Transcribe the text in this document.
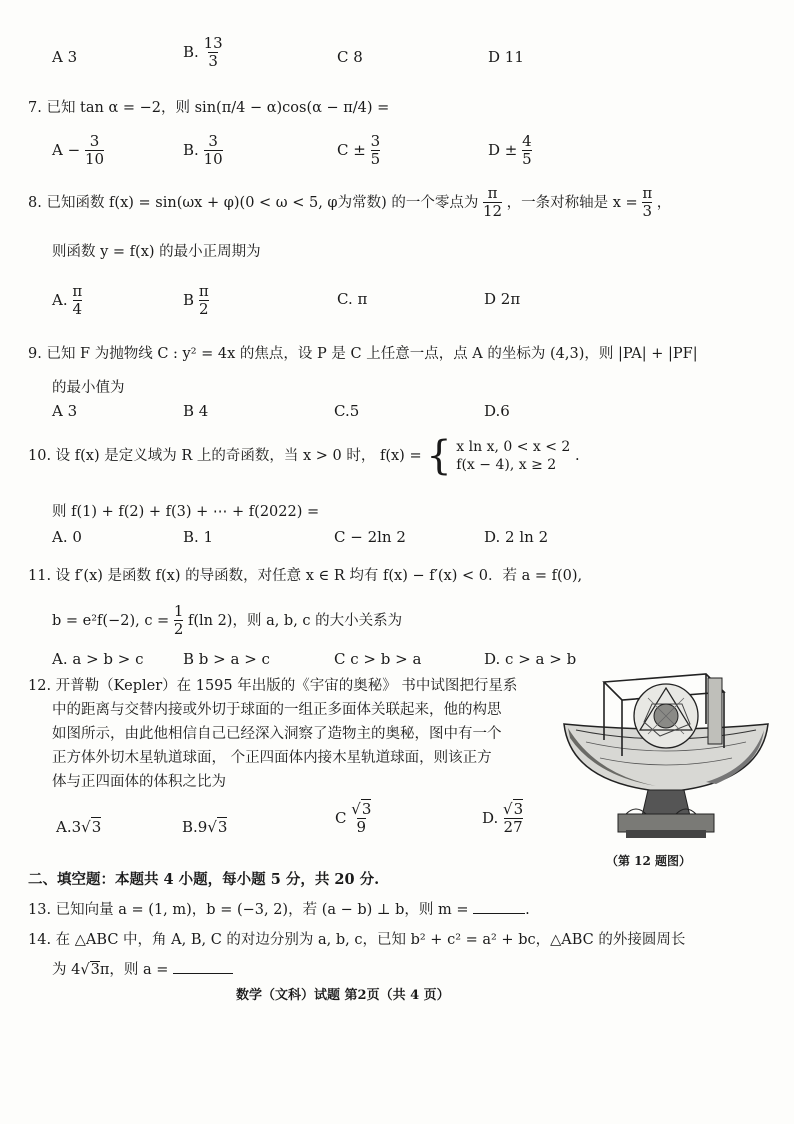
A 3	B. $\frac{13}{3}$	C 8	D 11
7. 已知 tan α = −2，则 sin(π/4 − α)cos(α − π/4) =
$A - \frac{3}{10}$	B. $\frac{3}{10}$	$C \pm \frac{3}{5}$	$D \pm \frac{4}{5}$
8. 已知函数 f(x) = sin(ωx + φ)(0 < ω < 5, φ为常数) 的一个零点为 $\frac{\pi}{12}$ ，一条对称轴是 $x = \frac{\pi}{3}$ ，
则函数 y = f(x) 的最小正周期为
A. $\frac{\pi}{4}$	B $\frac{\pi}{2}$	C. π	D 2π
9. 已知 F 为抛物线 C : y² = 4x 的焦点，设 P 是 C 上任意一点，点 A 的坐标为 (4,3)，则 |PA| + |PF|
的最小值为
A 3	B 4	C.5	D.6
10. 设 f(x) 是定义域为 R 上的奇函数，当 x > 0 时， f(x) = { x ln x, 0 < x < 2
f(x − 4), x ≥ 2
.
则 f(1) + f(2) + f(3) + ⋯ + f(2022) =
A. 0	B. 1	C − 2ln 2	D. 2 ln 2
11. 设 f′(x) 是函数 f(x) 的导函数，对任意 x ∈ R 均有 f(x) − f′(x) < 0．若 a = f(0),
b = e²f(−2), $c = \frac{1}{2} f(\ln$ 2)，则 a, b, c 的大小关系为
A. a > b > c	B b > a > c	C c > b > a	D. c > a > b
12. 开普勒（Kepler）在 1595 年出版的《宇宙的奥秘》 书中试图把行星系
中的距离与交替内接或外切于球面的一组正多面体关联起来，他的构思
如图所示，由此他相信自己已经深入洞察了造物主的奥秘，图中有一个
正方体外切木星轨道球面， 个正四面体内接木星轨道球面，则该正方
体与正四面体的体积之比为
A.3√3	B.9√3
C $\frac{√3}{9}$	D. $\frac{√3}{27}$
（第 12 题图）
二、填空题：本题共 4 小题，每小题 5 分，共 20 分.
13. 已知向量 a = (1, m)，b = (−3, 2)，若 (a − b) ⊥ b，则 m =	.
14. 在 △ABC 中，角 A, B, C 的对边分别为 a, b, c，已知 b² + c² = a² + bc，△ABC 的外接圆周长
为 4√3π，则 a =
数学（文科）试题 第2页（共 4 页）
